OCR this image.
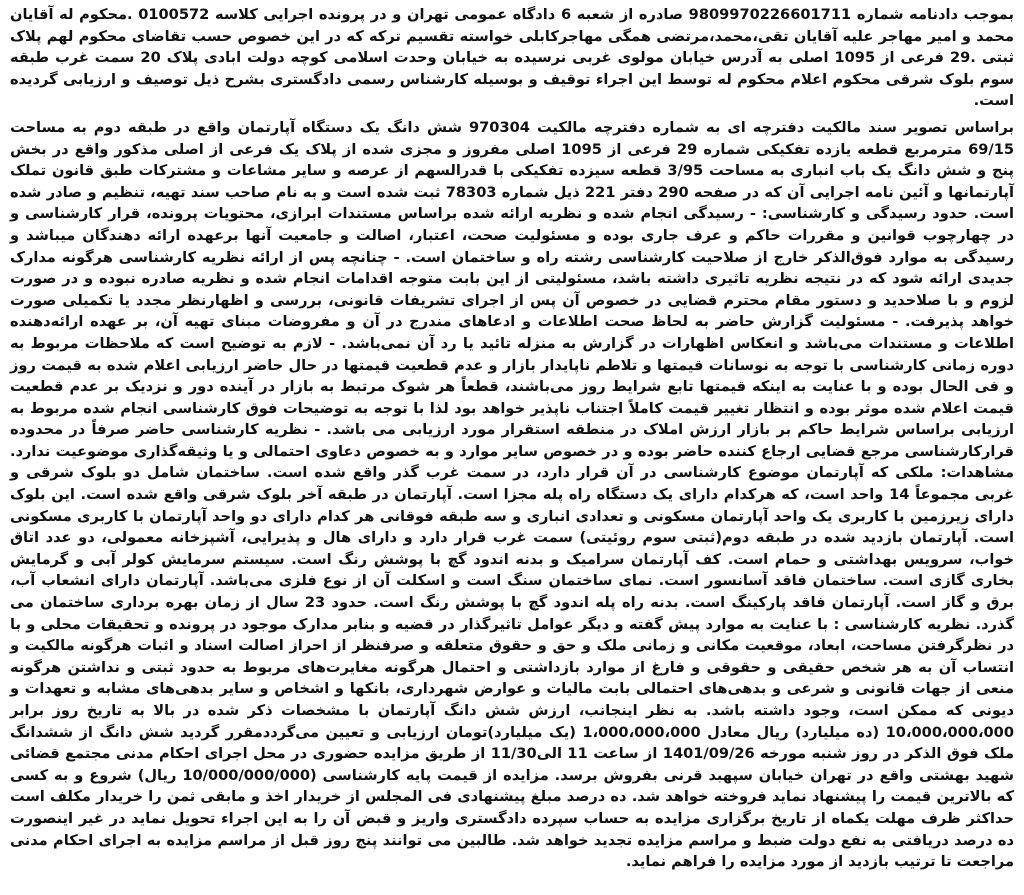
بموجب دادنامه شماره 9809970226601711 صادره از شعبه 6 دادگاه عمومی تهران و در پرونده اجرایی کلاسه 0100572 .محکوم له آقایان محمد و امیر مهاجر علیه آقایان تقی،محمد،مرتضی همگی مهاجرکابلی خواسته تقسیم ترکه که در این خصوص حسب تقاضای محکوم لهم پلاک ثبتی .29 فرعی از 1095 اصلی به آدرس خیابان مولوی غربی نرسیده به خیابان وحدت اسلامی کوچه دولت ابادی پلاک 20 سمت غرب طبقه سوم بلوک شرقی محکوم اعلام محکوم له توسط این اجراء توقیف و بوسیله کارشناس رسمی دادگستری بشرح ذیل توصیف و ارزیابی گردیده است.

براساس تصویر سند مالکیت دفترچه ای به شماره دفترچه مالکیت 970304 شش دانگ یک دستگاه آپارتمان واقع در طبقه دوم به مساحت 69/15 مترمربع قطعه یازده تفکیکی شماره 29 فرعی از 1095 اصلی مفروز و مجزی شده از پلاک یک فرعی از اصلی مذکور واقع در بخش پنج و شش دانگ یک باب انباری به مساحت 3/95 قطعه سیزده تفکیکی با قدرالسهم از عرصه و سایر مشاعات و مشترکات طبق قانون تملک آپارتمانها و آئین نامه اجرایی آن که در صفحه 290 دفتر 221 ذیل شماره 78303 ثبت شده است و به نام صاحب سند تهیه، تنظیم و صادر شده است. حدود رسیدگی و کارشناسی: - رسیدگی انجام شده و نظریه ارائه شده براساس مستندات ابرازی، محتویات پرونده، قرار کارشناسی و در چهارچوب قوانین و مقررات حاکم و عرف جاری بوده و مسئولیت صحت، اعتبار، اصالت و جامعیت آنها برعهده ارائه دهندگان میباشد و رسیدگی به موارد فوق‌الذکر خارج از صلاحیت کارشناسی رشته راه و ساختمان است. - چنانچه پس از ارائه نظریه کارشناسی هرگونه مدارک جدیدی ارائه شود که در نتیجه نظریه تاثیری داشته باشد، مسئولیتی از این بابت متوجه اقدامات انجام شده و نظریه صادره نبوده و در صورت لزوم و با صلاحدید و دستور مقام محترم قضایی در خصوص آن پس از اجرای تشریفات قانونی، بررسی و اظهارنظر مجدد یا تکمیلی صورت خواهد پذیرفت. - مسئولیت گزارش حاضر به لحاظ صحت اطلاعات و ادعاهای مندرج در آن و مفروضات مبنای تهیه آن، بر عهده ارائه‌دهنده اطلاعات و مستندات می‌باشد و انعکاس اظهارات در گزارش به منزله تائید یا رد آن نمی‌باشد. - لازم به توضیح است که ملاحظات مربوط به دوره زمانی کارشناسی با توجه به نوسانات قیمتها و تلاطم ناپایدار بازار و عدم قطعیت قیمتها در حال حاضر ارزیابی اعلام شده به قیمت روز و فی الحال بوده و با عنایت به اینکه قیمتها تابع شرایط روز می‌باشند، قطعاً هر شوک مرتبط به بازار در آینده دور و نزدیک بر عدم قطعیت قیمت اعلام شده موثر بوده و انتظار تغییر قیمت کاملاً اجتناب ناپذیر خواهد بود لذا با توجه به توضیحات فوق کارشناسی انجام شده مربوط به ارزیابی براساس شرایط حاکم بر بازار ارزش املاک در منطقه استقرار مورد ارزیابی می باشد. - نظریه کارشناسی حاضر صرفاً در محدوده قرارکارشناسی مرجع قضایی ارجاع کننده حاضر بوده و در خصوص سایر موارد و به خصوص دعاوی احتمالی و یا وثیقه‌گذاری موضوعیت ندارد. مشاهدات: ملکی که آپارتمان موضوع کارشناسی در آن قرار دارد، در سمت غرب گذر واقع شده است. ساختمان شامل دو بلوک شرقی و غربی مجموعاً 14 واحد است، که هرکدام دارای یک دستگاه راه پله مجزا است. آپارتمان در طبقه آخر بلوک شرقی واقع شده است. این بلوک دارای زیرزمین با کاربری یک واحد آپارتمان مسکونی و تعدادی انباری و سه طبقه فوقانی هر کدام دارای دو واحد آپارتمان با کاربری مسکونی است. آپارتمان بازدید شده در طبقه دوم(ثبتی سوم روئیتی) سمت غرب قرار دارد و دارای هال و پذیرایی، آشپزخانه معمولی، دو عدد اتاق خواب، سرویس بهداشتی و حمام است. کف آپارتمان سرامیک و بدنه اندود گچ با پوشش رنگ است. سیستم سرمایش کولر آبی و گرمایش بخاری گازی است. ساختمان فاقد آسانسور است. نمای ساختمان سنگ است و اسکلت آن از نوع فلزی می‌باشد. آپارتمان دارای انشعاب آب، برق و گاز است. آپارتمان فاقد پارکینگ است. بدنه راه پله اندود گچ با پوشش رنگ است. حدود 23 سال از زمان بهره برداری ساختمان می گذرد. نظریه کارشناسی : با عنایت به موارد پیش گفته و دیگر عوامل تاثیرگذار در قضیه و بنابر مدارک موجود در پرونده و تحقیقات محلی و با در نظرگرفتن مساحت، ابعاد، موقعیت مکانی و زمانی ملک و حق و حقوق متعلقه و صرفنظر از احراز اصالت اسناد و اثبات هرگونه مالکیت و انتساب آن به هر شخص حقیقی و حقوقی و فارغ از موارد بازداشتی و احتمال هرگونه مغایرت‌های مربوط به حدود ثبتی و نداشتن هرگونه منعی از جهات قانونی و شرعی و بدهی‌های احتمالی بابت مالیات و عوارض شهرداری، بانکها و اشخاص و سایر بدهی‌های مشابه و تعهدات و دیونی که ممکن است، وجود داشته باشد. به نظر اینجانب، ارزش شش دانگ آپارتمان با مشخصات ذکر شده در بالا به تاریخ روز برابر 10،000،000،000 (ده میلیارد) ریال معادل 1،000،000،000 (یک میلیارد)تومان ارزیابی و تعیین می‌گرددمقرر گردید شش دانگ از ششدانگ ملک فوق الذکر در روز شنبه مورخه 1401/09/26 از ساعت 11 الی11/30 از طریق مزایده حضوری در محل اجرای احکام مدنی مجتمع قضائی شهید بهشتی واقع در تهران خیابان سپهبد قرنی بفروش برسد. مزایده از قیمت پایه کارشناسی (10/000/000/000 ریال) شروع و به کسی که بالاترین قیمت را پیشنهاد نماید فروخته خواهد شد. ده درصد مبلغ پیشنهادی فی المجلس از خریدار اخذ و مابقی ثمن را خریدار مکلف است حداکثر ظرف مهلت یکماه از تاریخ برگزاری مزایده به حساب سپرده دادگستری واریز و قبض آن را به این اجراء تحویل نماید در غیر اینصورت ده درصد دریافتی به نفع دولت ضبط و مراسم مزایده تجدید خواهد شد. طالبین می توانند پنج روز قبل از مراسم مزایده به اجرای احکام مدنی مراجعت تا ترتیب بازدید از مورد مزایده را فراهم نماید.
